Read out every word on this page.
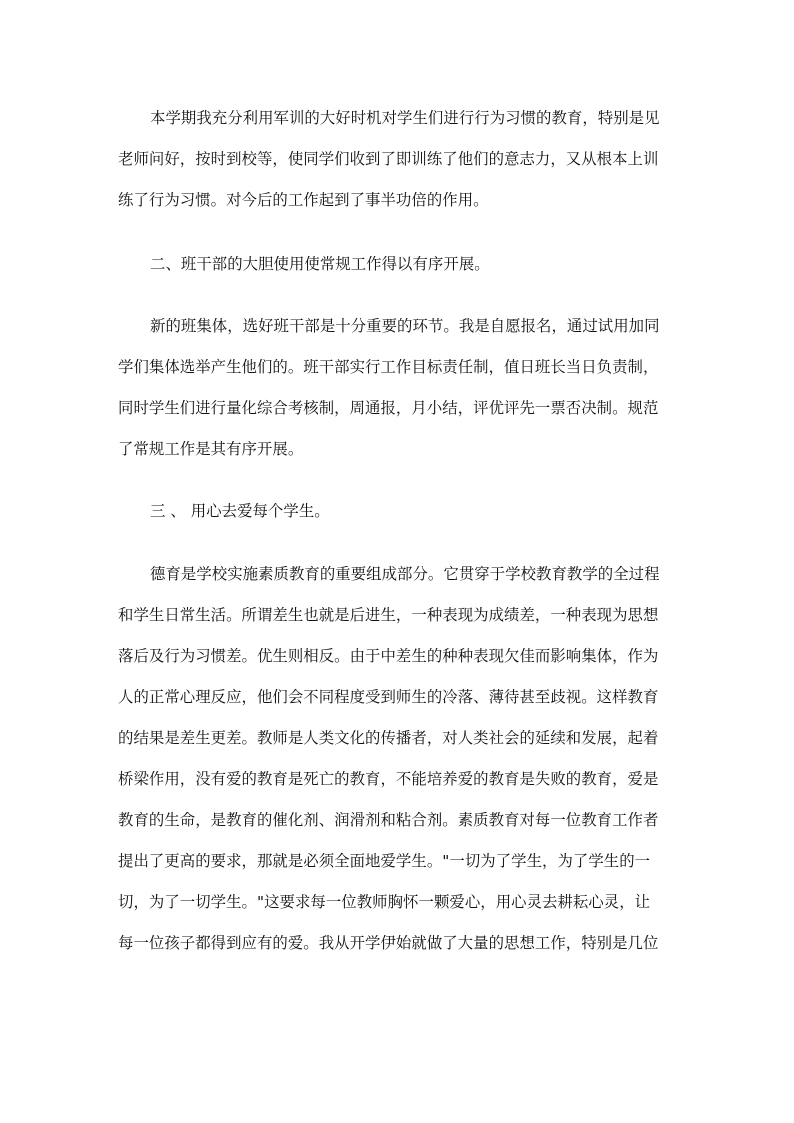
本学期我充分利用军训的大好时机对学生们进行行为习惯的教育，特别是见
老师问好，按时到校等，使同学们收到了即训练了他们的意志力，又从根本上训
练了行为习惯。对今后的工作起到了事半功倍的作用。
二、班干部的大胆使用使常规工作得以有序开展。
新的班集体，选好班干部是十分重要的环节。我是自愿报名，通过试用加同
学们集体选举产生他们的。班干部实行工作目标责任制，值日班长当日负责制，
同时学生们进行量化综合考核制，周通报，月小结，评优评先一票否决制。规范
了常规工作是其有序开展。
三 、 用心去爱每个学生。
德育是学校实施素质教育的重要组成部分。它贯穿于学校教育教学的全过程
和学生日常生活。所谓差生也就是后进生，一种表现为成绩差，一种表现为思想
落后及行为习惯差。优生则相反。由于中差生的种种表现欠佳而影响集体，作为
人的正常心理反应，他们会不同程度受到师生的冷落、薄待甚至歧视。这样教育
的结果是差生更差。教师是人类文化的传播者，对人类社会的延续和发展，起着
桥梁作用，没有爱的教育是死亡的教育，不能培养爱的教育是失败的教育，爱是
教育的生命，是教育的催化剂、润滑剂和粘合剂。素质教育对每一位教育工作者
提出了更高的要求，那就是必须全面地爱学生。"一切为了学生，为了学生的一
切，为了一切学生。"这要求每一位教师胸怀一颗爱心，用心灵去耕耘心灵，让
每一位孩子都得到应有的爱。我从开学伊始就做了大量的思想工作，特别是几位
